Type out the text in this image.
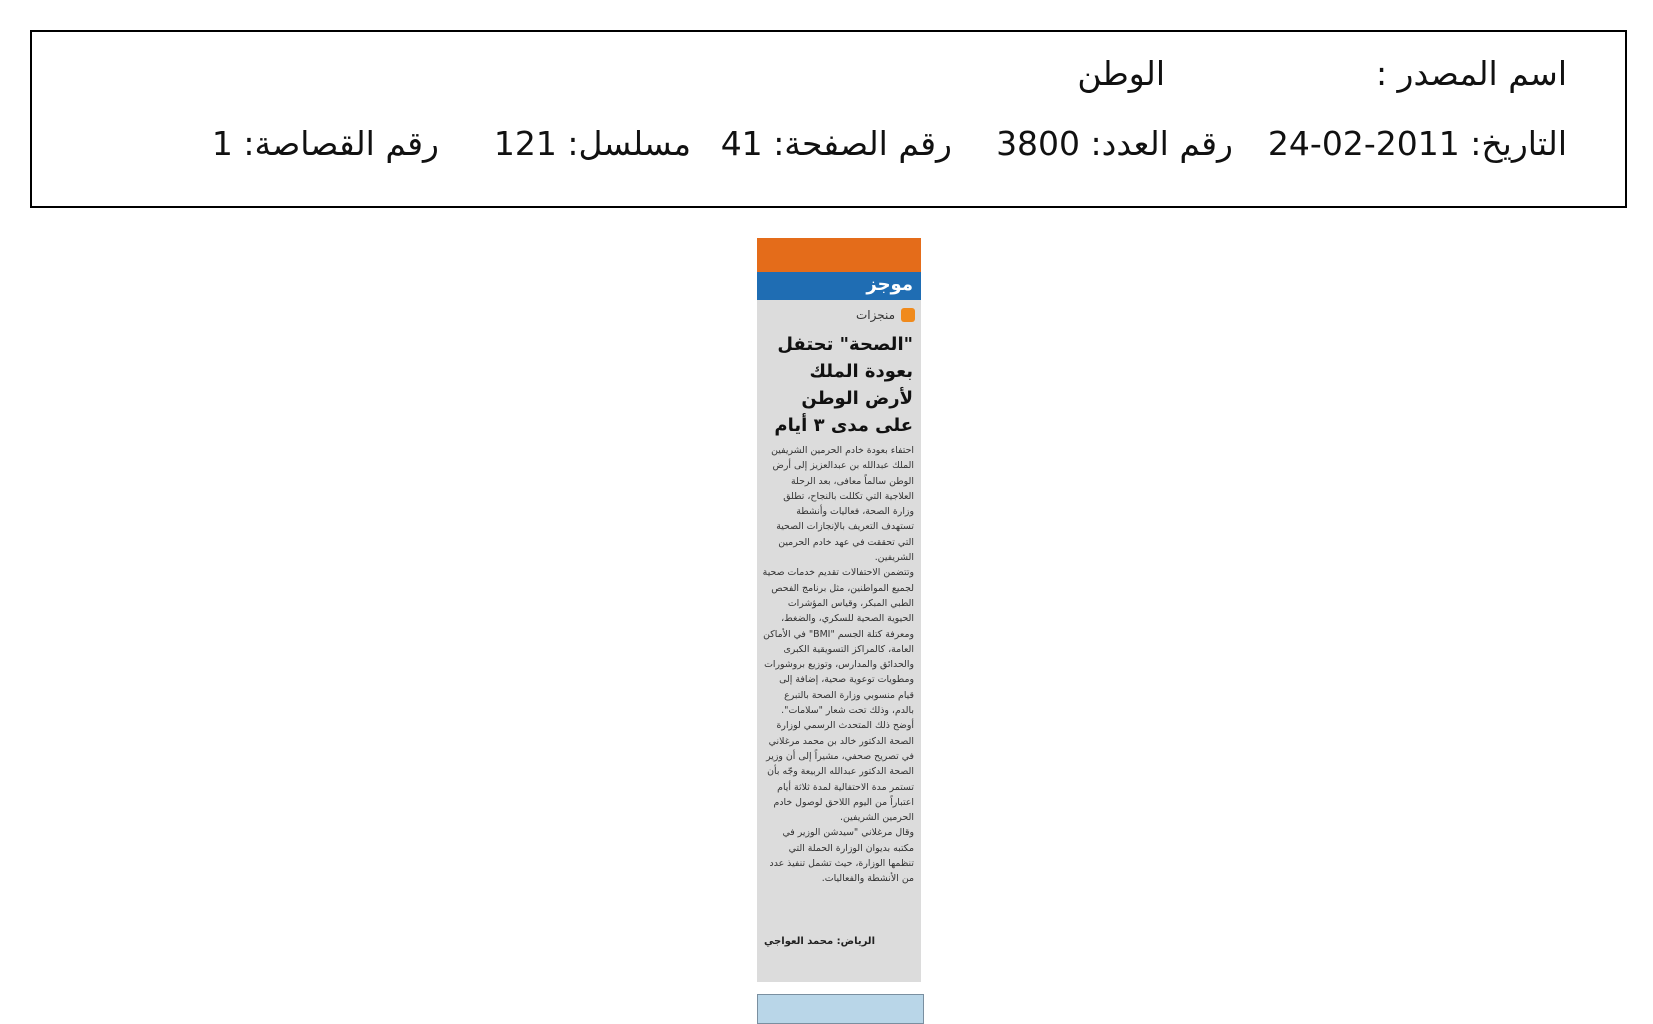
اسم المصدر :
الوطن
التاريخ: 2011-02-24
رقم العدد: 3800
رقم الصفحة: 41
مسلسل: 121
رقم القصاصة: 1
موجز
منجزات
"الصحة" تحتفل بعودة الملك لأرض الوطن على مدى ٣ أيام

احتفاء بعودة خادم الحرمين الشريفين الملك عبدالله بن عبدالعزيز إلى أرض الوطن سالماً معافى، بعد الرحلة العلاجية التي تكللت بالنجاح، تطلق وزارة الصحة، فعاليات وأنشطة تستهدف التعريف بالإنجازات الصحية التي تحققت في عهد خادم الحرمين الشريفين.

وتتضمن الاحتفالات تقديم خدمات صحية لجميع المواطنين، مثل برنامج الفحص الطبي المبكر، وقياس المؤشرات الحيوية الصحية للسكري، والضغط، ومعرفة كتلة الجسم "BMI" في الأماكن العامة، كالمراكز التسويقية الكبرى والحدائق والمدارس، وتوزيع بروشورات ومطويات توعوية صحية، إضافة إلى قيام منسوبي وزارة الصحة بالتبرع بالدم، وذلك تحت شعار "سلامات".

أوضح ذلك المتحدث الرسمي لوزارة الصحة الدكتور خالد بن محمد مرغلاني في تصريح صحفي، مشيراً إلى أن وزير الصحة الدكتور عبدالله الربيعة وجّه بأن تستمر مدة الاحتفالية لمدة ثلاثة أيام اعتباراً من اليوم اللاحق لوصول خادم الحرمين الشريفين.

وقال مرغلاني "سيدشن الوزير في مكتبه بديوان الوزارة الحملة التي تنظمها الوزارة، حيث تشمل تنفيذ عدد من الأنشطة والفعاليات.

الرياض: محمد العواجي
